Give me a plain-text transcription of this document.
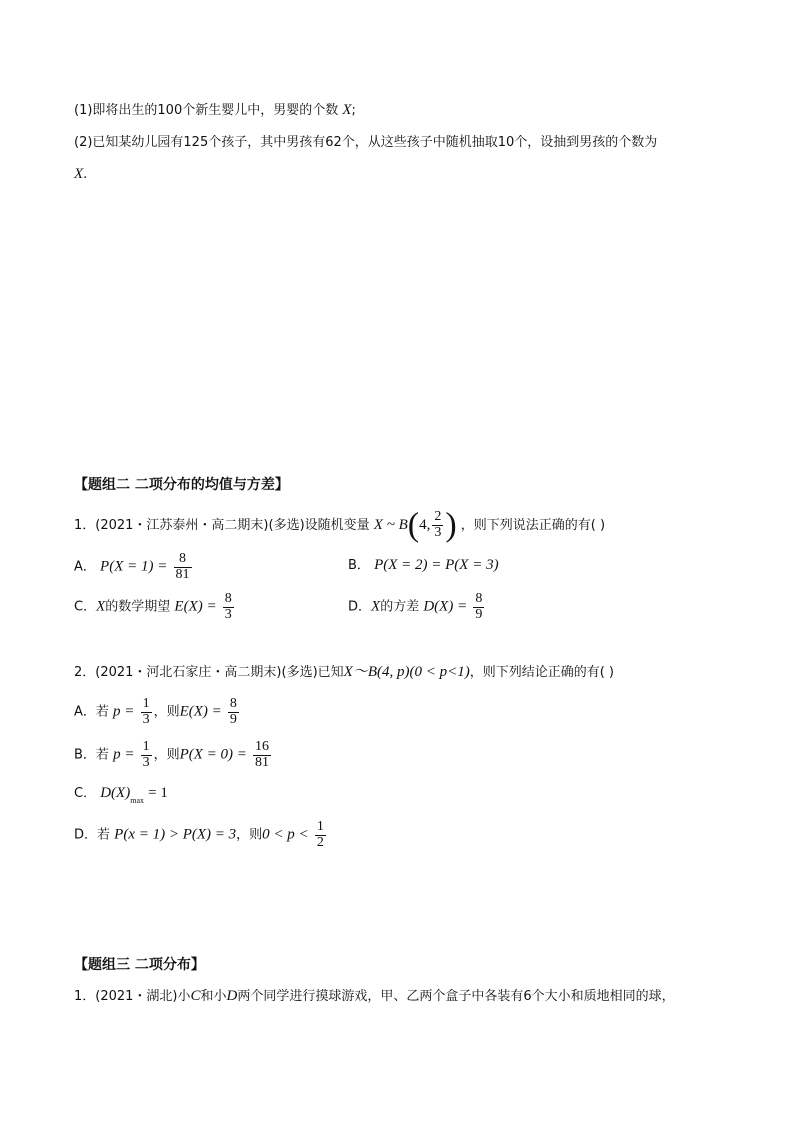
(1)即将出生的100个新生婴儿中，男婴的个数 X;
(2)已知某幼儿园有125个孩子，其中男孩有62个，从这些孩子中随机抽取10个，设抽到男孩的个数为
X.
【题组二 二项分布的均值与方差】
1．(2021・江苏泰州・高二期末)(多选)设随机变量 X ~ B(4, $\frac{2}{3}$ ) ，则下列说法正确的有( )
A． $P(X = 1) = \frac{8}{81}$	B． P(X = 2) = P(X = 3)
C．X的数学期望 $E(X) = \frac{8}{3}$	D．X的方差 $D(X) = \frac{8}{9}$
2．(2021・河北石家庄・高二期末)(多选)已知X～B(4, p)(0 < p<1)，则下列结论正确的有( )
A．若 $p = \frac{1}{3}$ ，则$E(X) = \frac{8}{9}$
B．若 $p = \frac{1}{3}$ ，则$P(X = 0) = \frac{16}{81}$
C． $D(X)_{max} = 1$
D．若 P(x = 1) > P(X) = 3，则$0 < p < \frac{1}{2}$
【题组三 二项分布】
1．(2021・湖北)小C和小D两个同学进行摸球游戏，甲、乙两个盒子中各装有6个大小和质地相同的球，
